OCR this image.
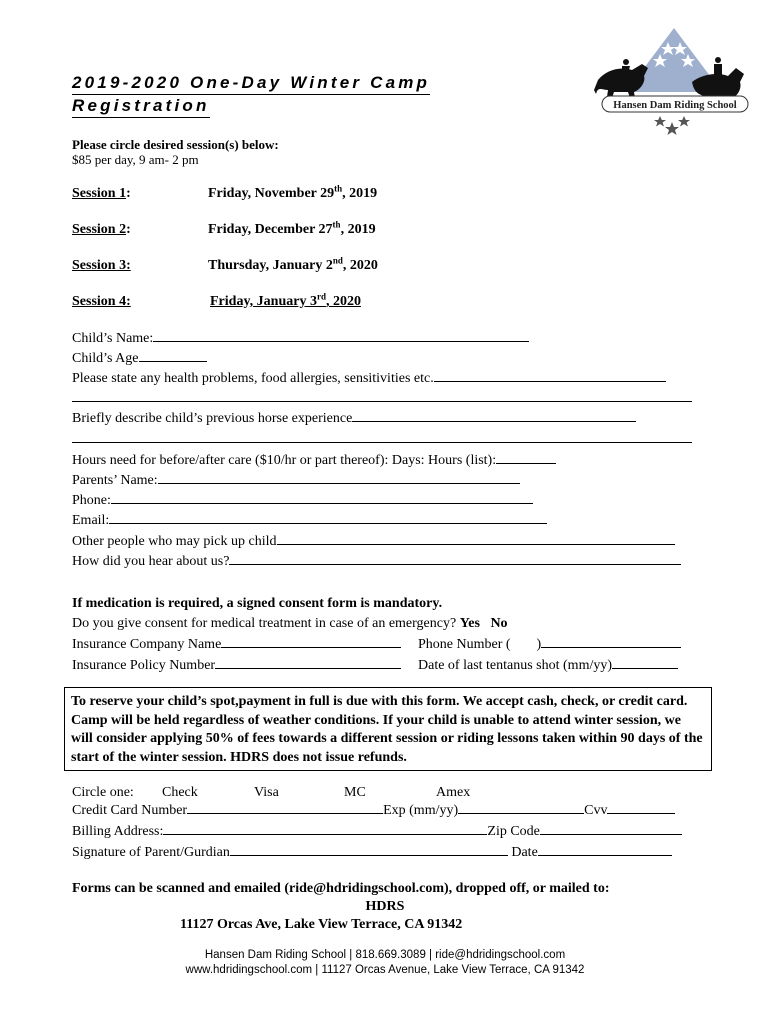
2019-2020 One-Day Winter Camp
Registration	Hansen Dam Riding School
Please circle desired session(s) below:
$85 per day, 9 am- 2 pm
Session 1:	Friday, November 29th, 2019
Session 2:	Friday, December 27th, 2019
Session 3:	Thursday, January 2nd, 2020
Session 4:	Friday, January 3rd, 2020
Child’s Name:
Child’s Age
Please state any health problems, food allergies, sensitivities etc.
Briefly describe child’s previous horse experience
Hours need for before/after care ($10/hr or part thereof): Days: Hours (list):
Parents’ Name:
Phone:
Email:
Other people who may pick up child
How did you hear about us?
If medication is required, a signed consent form is mandatory.
Do you give consent for medical treatment in case of an emergency? Yes No
Insurance Company Name	Phone Number ( )
Insurance Policy Number	Date of last tentanus shot (mm/yy)
To reserve your child’s spot,payment in full is due with this form. We accept cash, check, or credit card. Camp will be held regardless of weather conditions. If your child is unable to attend winter session, we will consider applying 50% of fees towards a different session or riding lessons taken within 90 days of the start of the winter session. HDRS does not issue refunds.
Circle one: Check	Visa	MC	Amex
Credit Card Number	Exp (mm/yy)	Cvv
Billing Address:	Zip Code
Signature of Parent/Gurdian	Date
Forms can be scanned and emailed (ride@hdridingschool.com), dropped off, or mailed to:
HDRS
11127 Orcas Ave, Lake View Terrace, CA 91342
Hansen Dam Riding School | 818.669.3089 | ride@hdridingschool.com
www.hdridingschool.com | 11127 Orcas Avenue, Lake View Terrace, CA 91342
